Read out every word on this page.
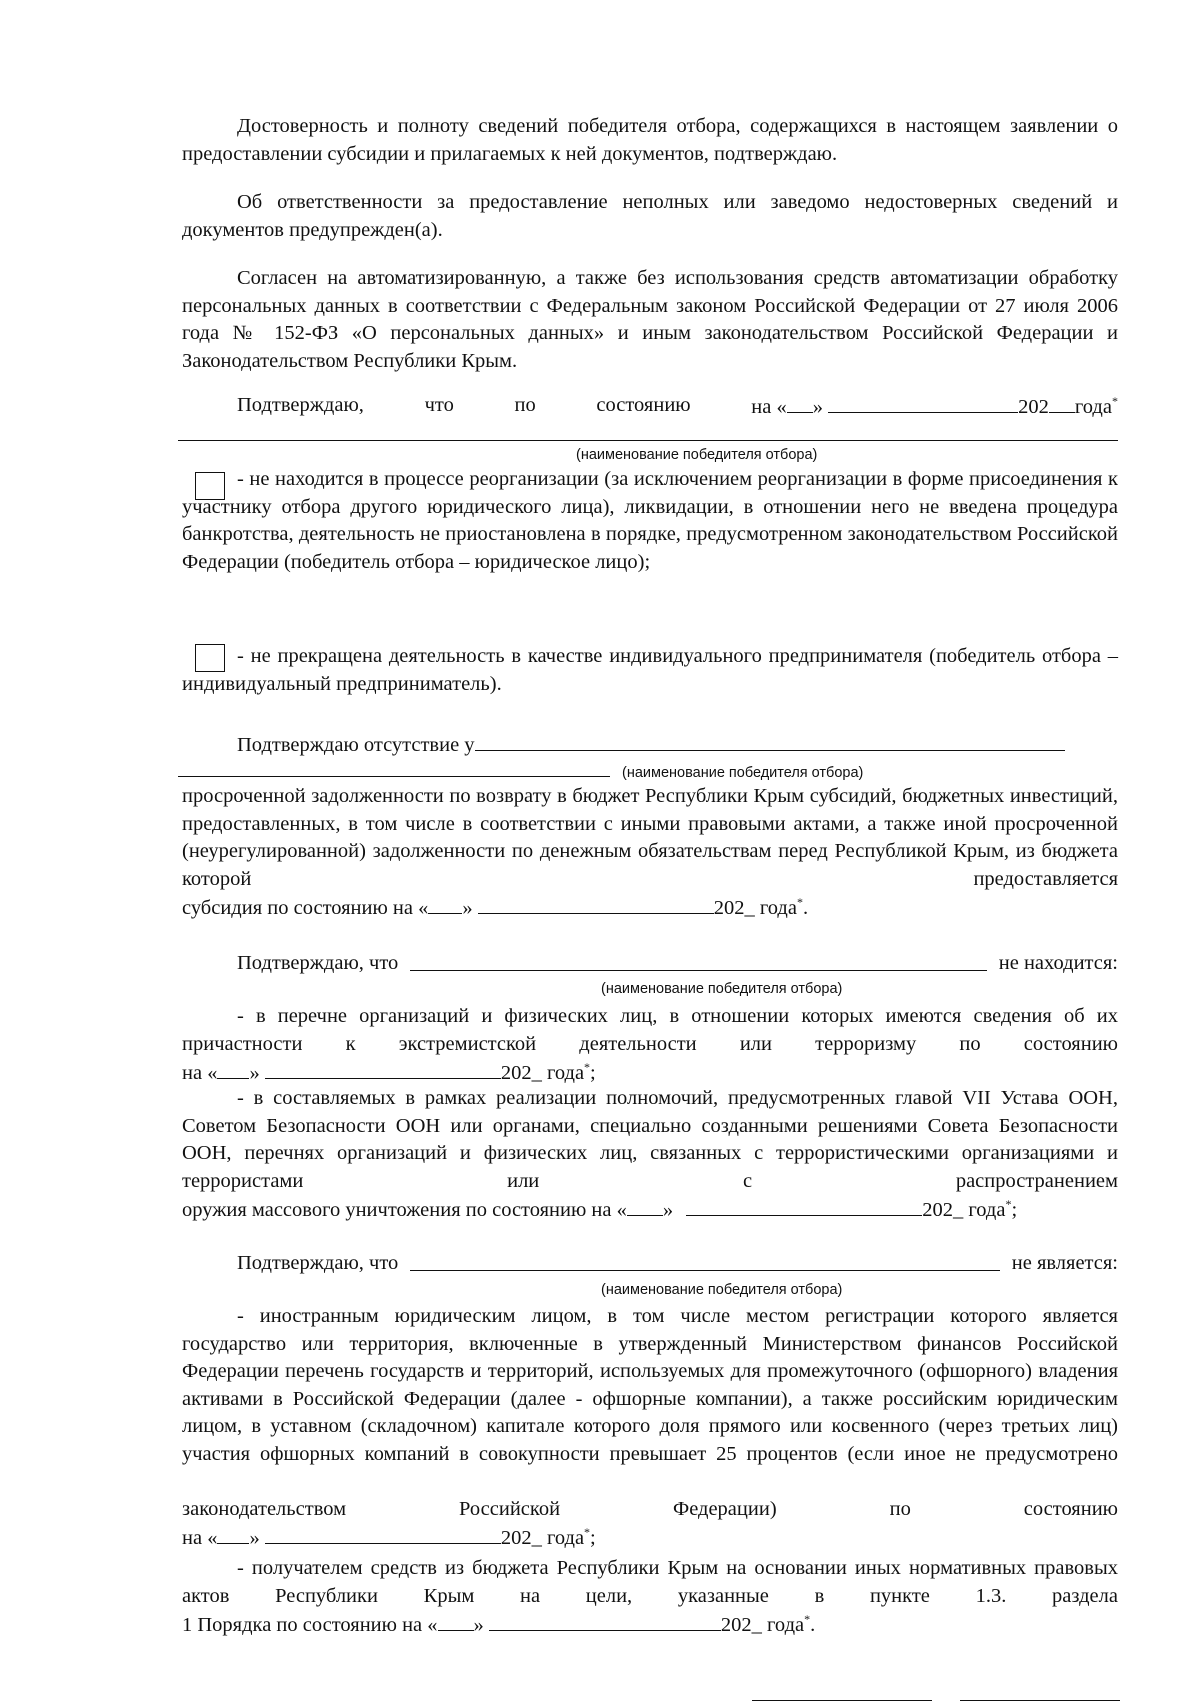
Достоверность и полноту сведений победителя отбора, содержащихся в настоящем заявлении о предоставлении субсидии и прилагаемых к ней документов, подтверждаю.

Об ответственности за предоставление неполных или заведомо недостоверных сведений и документов предупрежден(а).

Согласен на автоматизированную, а также без использования средств автоматизации обработку персональных данных в соответствии с Федеральным законом Российской Федерации от 27 июля 2006 года № 152-ФЗ «О персональных данных» и иным законодательством Российской Федерации и Законодательством Республики Крым.

Подтверждаю,	что	по	состоянию	на « »	202 года*
(наименование победителя отбора)

- не находится в процессе реорганизации (за исключением реорганизации в форме присоединения к участнику отбора другого юридического лица), ликвидации, в отношении него не введена процедура банкротства, деятельность не приостановлена в порядке, предусмотренном законодательством Российской Федерации (победитель отбора – юридическое лицо);

- не прекращена деятельность в качестве индивидуального предпринимателя (победитель отбора – индивидуальный предприниматель).

Подтверждаю отсутствие у
(наименование победителя отбора)

просроченной задолженности по возврату в бюджет Республики Крым субсидий, бюджетных инвестиций, предоставленных, в том числе в соответствии с иными правовыми актами, а также иной просроченной (неурегулированной) задолженности по денежным обязательствам перед Республикой Крым, из бюджета которой предоставляется

субсидия по состоянию на « »	202_ года*.
Подтверждаю, что	не находится:
(наименование победителя отбора)

- в перечне организаций и физических лиц, в отношении которых имеются сведения об их причастности к экстремистской деятельности или терроризму по состоянию

на « »	202_ года*;

- в составляемых в рамках реализации полномочий, предусмотренных главой VII Устава ООН, Советом Безопасности ООН или органами, специально созданными решениями Совета Безопасности ООН, перечнях организаций и физических лиц, связанных с террористическими организациями и террористами или с распространением

оружия массового уничтожения по состоянию на « »	202_ года*;
Подтверждаю, что	не является:
(наименование победителя отбора)

- иностранным юридическим лицом, в том числе местом регистрации которого является государство или территория, включенные в утвержденный Министерством финансов Российской Федерации перечень государств и территорий, используемых для промежуточного (офшорного) владения активами в Российской Федерации (далее - офшорные компании), а также российским юридическим лицом, в уставном (складочном) капитале которого доля прямого или косвенного (через третьих лиц) участия офшорных компаний в совокупности превышает 25 процентов (если иное не предусмотрено

законодательством	Российской	Федерации)	по	состоянию
на « »	202_ года*;

- получателем средств из бюджета Республики Крым на основании иных нормативных правовых актов Республики Крым на цели, указанные в пункте 1.3. раздела

1 Порядка по состоянию на « »	202_ года*.
